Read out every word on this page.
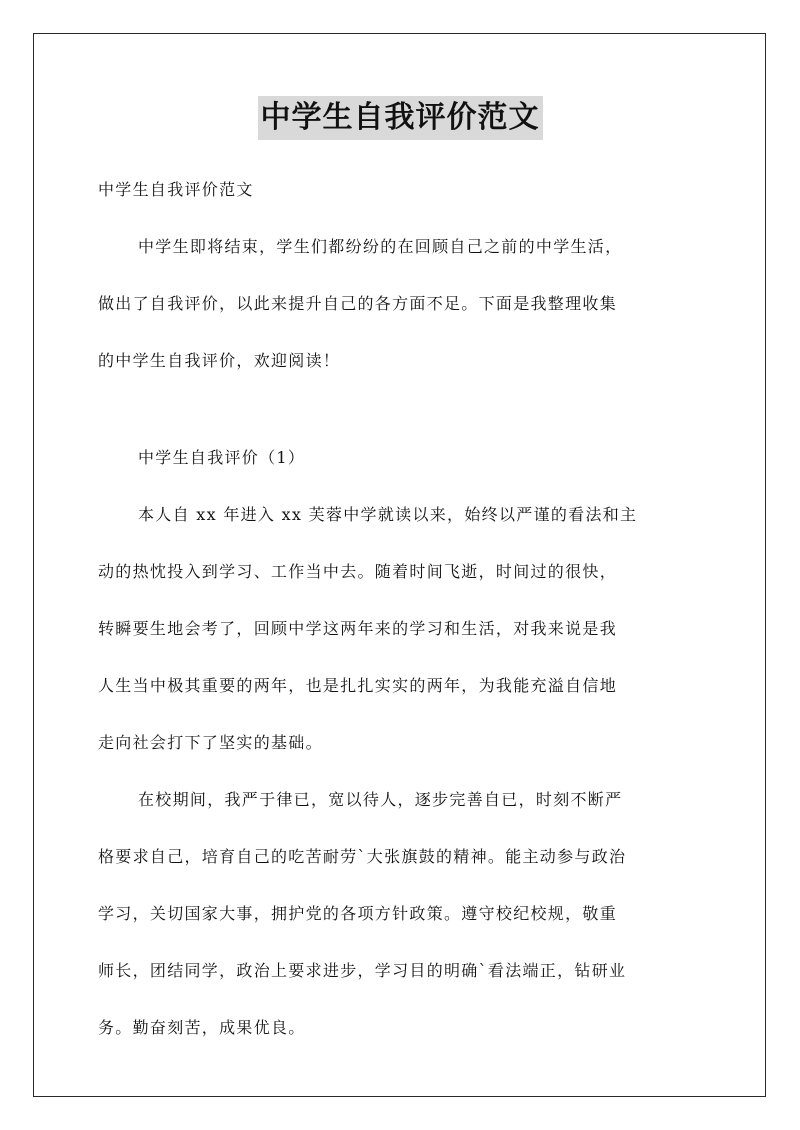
中学生自我评价范文
中学生自我评价范文
中学生即将结束，学生们都纷纷的在回顾自己之前的中学生活，
做出了自我评价，以此来提升自己的各方面不足。下面是我整理收集
的中学生自我评价，欢迎阅读！
中学生自我评价（1）
本人自 xx 年进入 xx 芙蓉中学就读以来，始终以严谨的看法和主
动的热忱投入到学习、工作当中去。随着时间飞逝，时间过的很快，
转瞬要生地会考了，回顾中学这两年来的学习和生活，对我来说是我
人生当中极其重要的两年，也是扎扎实实的两年，为我能充溢自信地
走向社会打下了坚实的基础。
在校期间，我严于律已，宽以待人，逐步完善自已，时刻不断严
格要求自己，培育自己的吃苦耐劳`大张旗鼓的精神。能主动参与政治
学习，关切国家大事，拥护党的各项方针政策。遵守校纪校规，敬重
师长，团结同学，政治上要求进步，学习目的明确`看法端正，钻研业
务。勤奋刻苦，成果优良。
